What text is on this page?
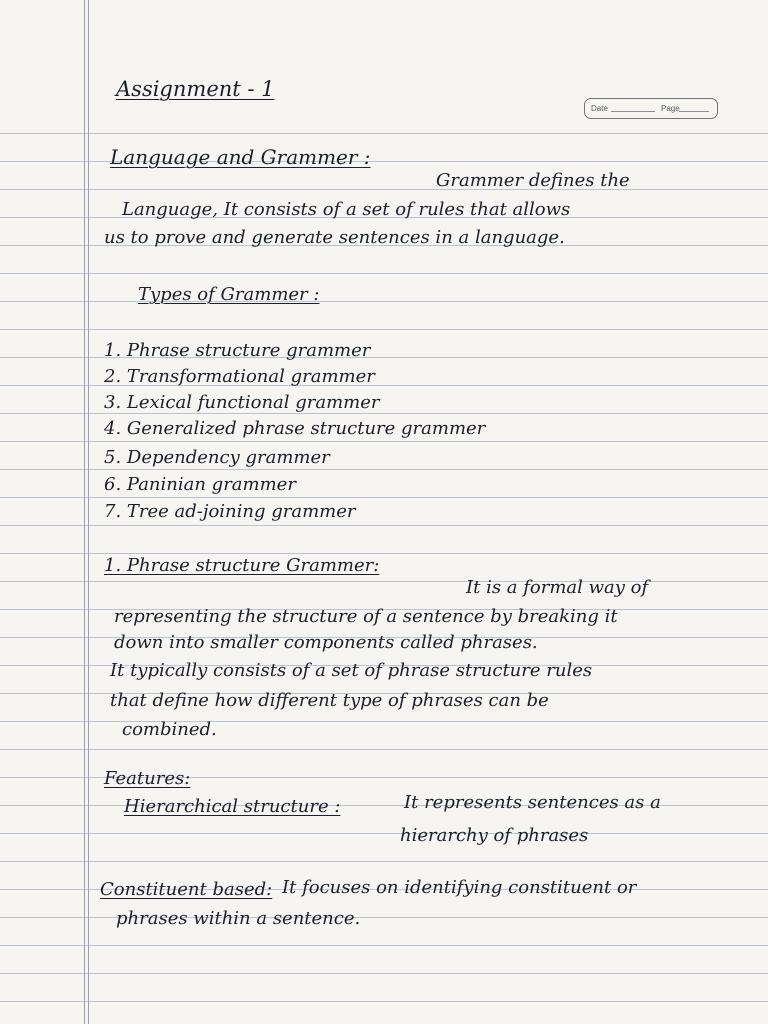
Assignment - 1
Date	Page
Language and Grammer :
Grammer defines the
Language, It consists of a set of rules that allows
us to prove and generate sentences in a language.
Types of Grammer :
1. Phrase structure grammer
2. Transformational grammer
3. Lexical functional grammer
4. Generalized phrase structure grammer
5. Dependency grammer
6. Paninian grammer
7. Tree ad-joining grammer
1. Phrase structure Grammer:
It is a formal way of
representing the structure of a sentence by breaking it
down into smaller components called phrases.
It typically consists of a set of phrase structure rules
that define how different type of phrases can be
combined.
Features:
Hierarchical structure :	It represents sentences as a
hierarchy of phrases
Constituent based: It focuses on identifying constituent or
phrases within a sentence.
